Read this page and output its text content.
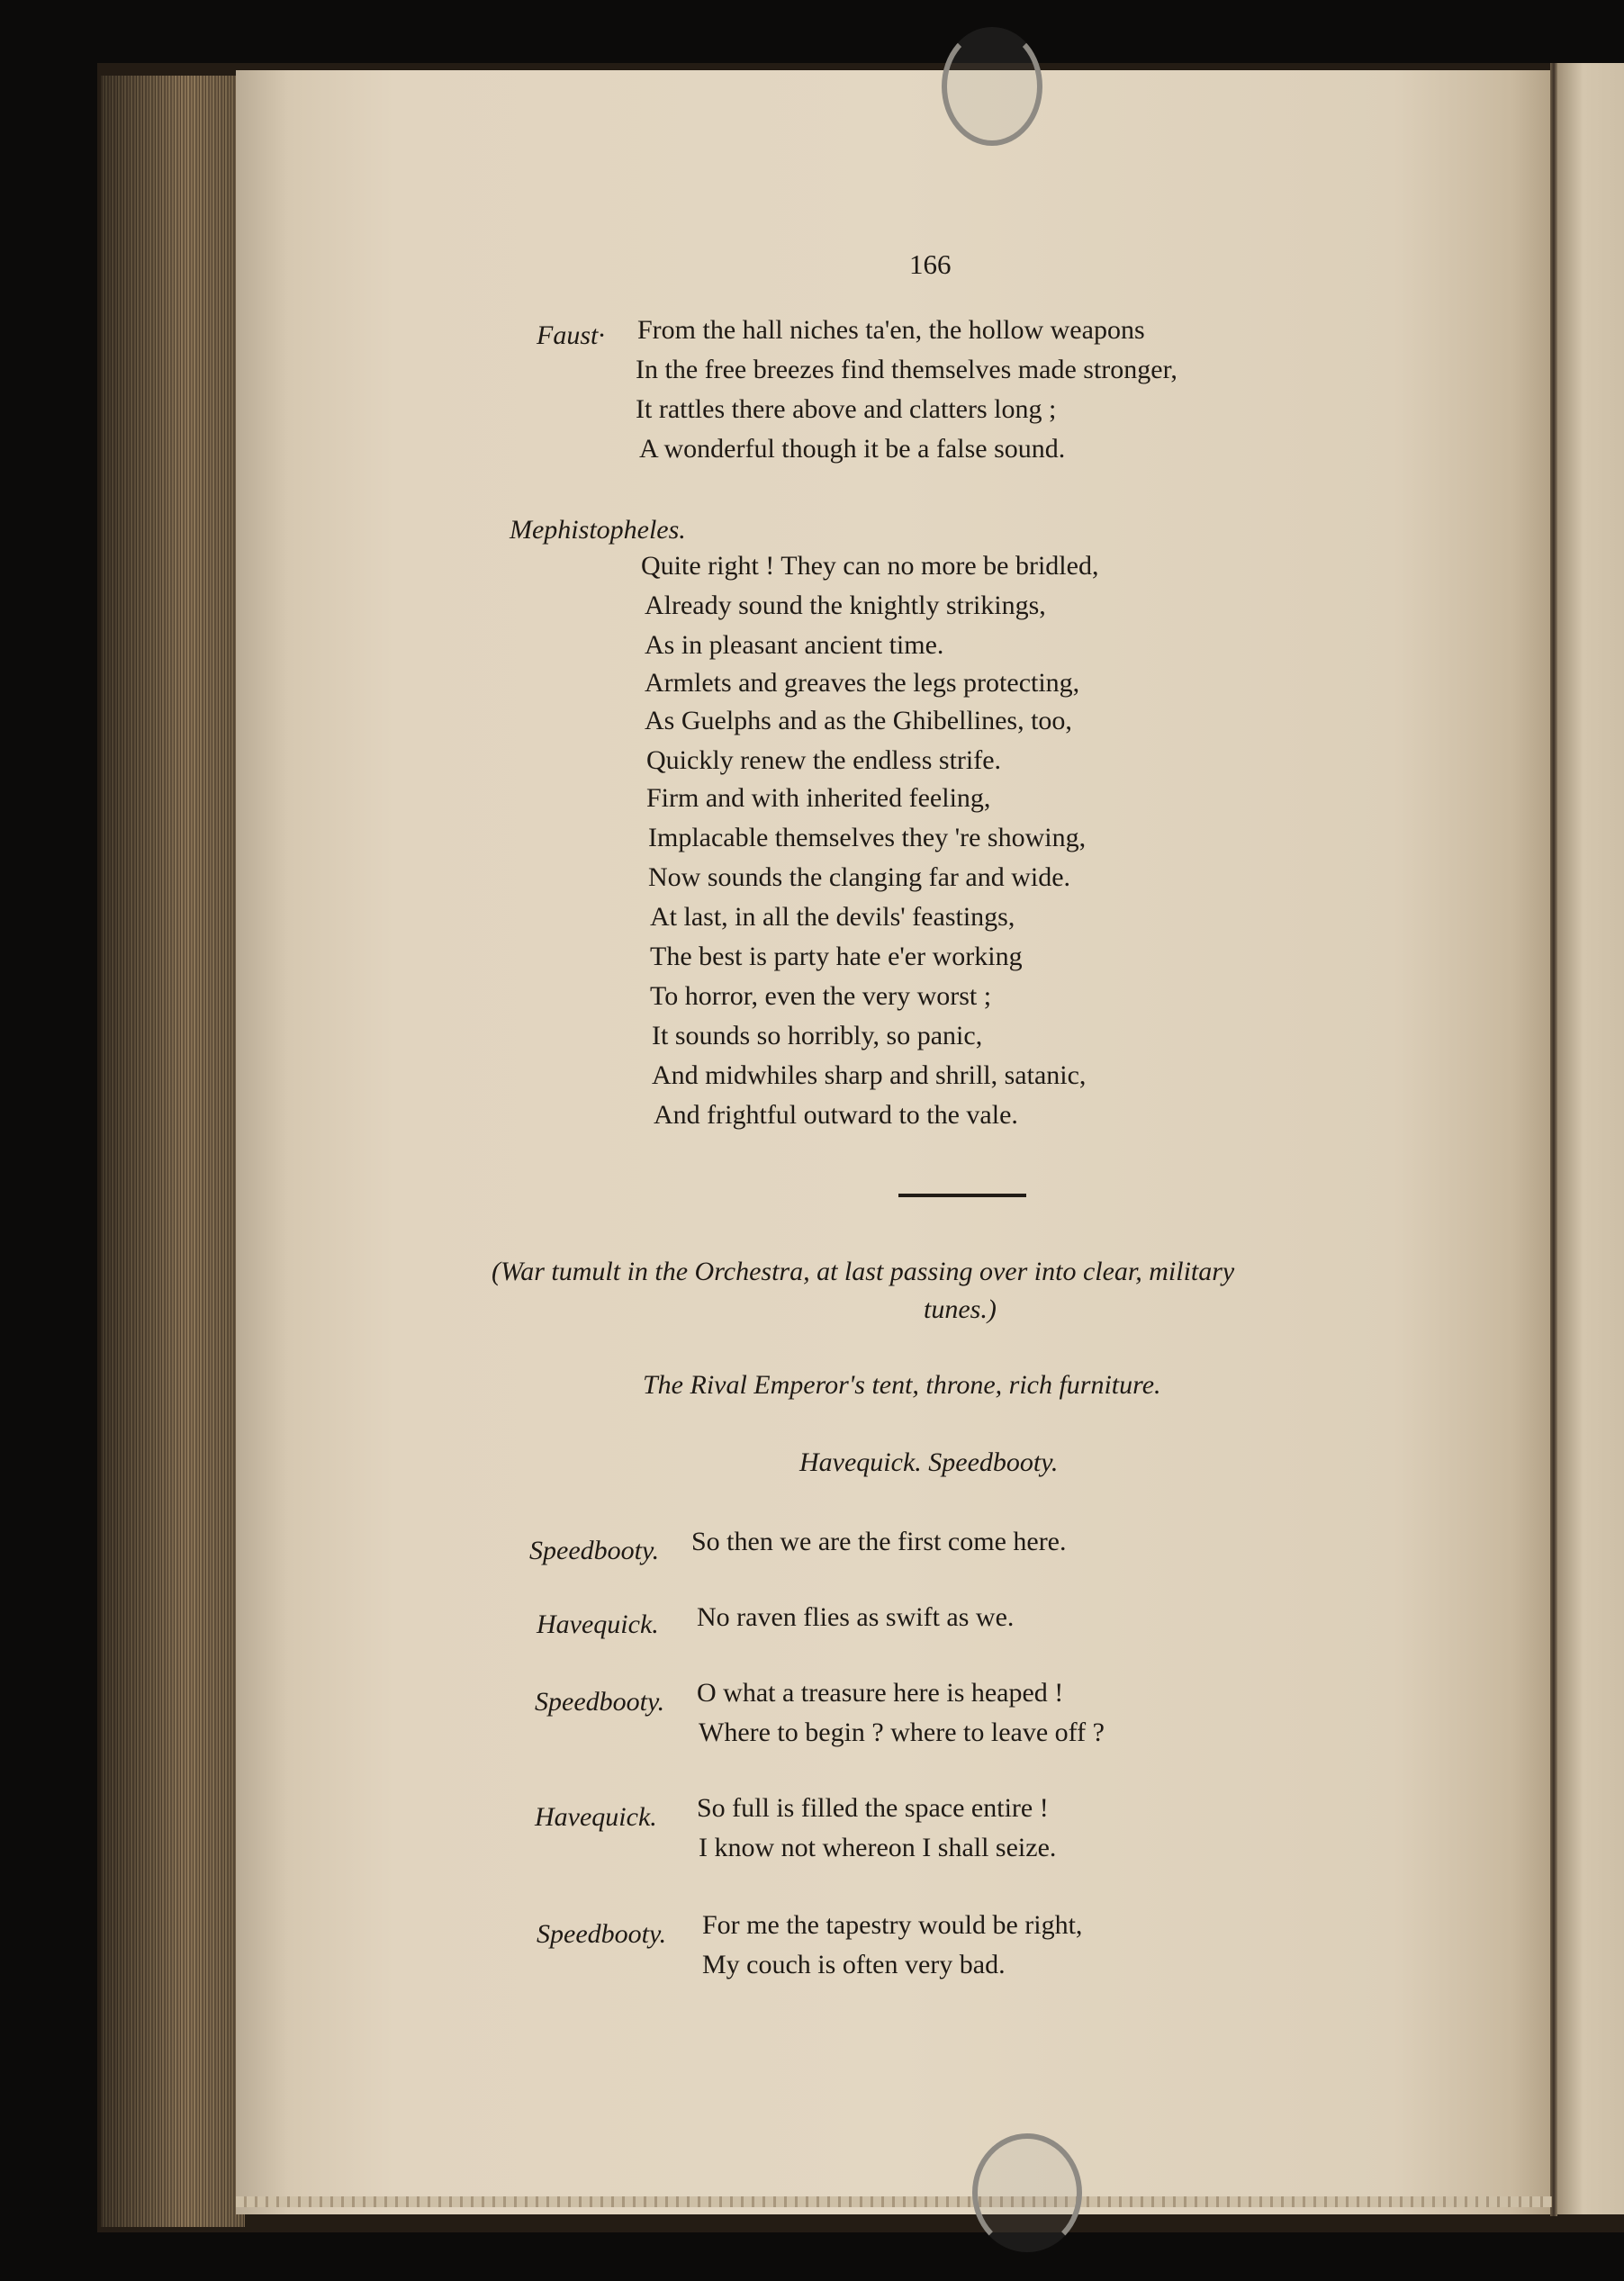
166
Faust· From the hall niches ta'en, the hollow weapons
In the free breezes find themselves made stronger,
It rattles there above and clatters long ;
A wonderful though it be a false sound.
Mephistopheles.
Quite right ! They can no more be bridled,
Already sound the knightly strikings,
As in pleasant ancient time.
Armlets and greaves the legs protecting,
As Guelphs and as the Ghibellines, too,
Quickly renew the endless strife.
Firm and with inherited feeling,
Implacable themselves they 're showing,
Now sounds the clanging far and wide.
At last, in all the devils' feastings,
The best is party hate e'er working
To horror, even the very worst ;
It sounds so horribly, so panic,
And midwhiles sharp and shrill, satanic,
And frightful outward to the vale.
(War tumult in the Orchestra, at last passing over into clear, military
tunes.)
The Rival Emperor's tent, throne, rich furniture.
Havequick. Speedbooty.
Speedbooty. So then we are the first come here.
Havequick. No raven flies as swift as we.
Speedbooty. O what a treasure here is heaped !
Where to begin ? where to leave off ?
Havequick. So full is filled the space entire !
I know not whereon I shall seize.
Speedbooty. For me the tapestry would be right,
My couch is often very bad.
